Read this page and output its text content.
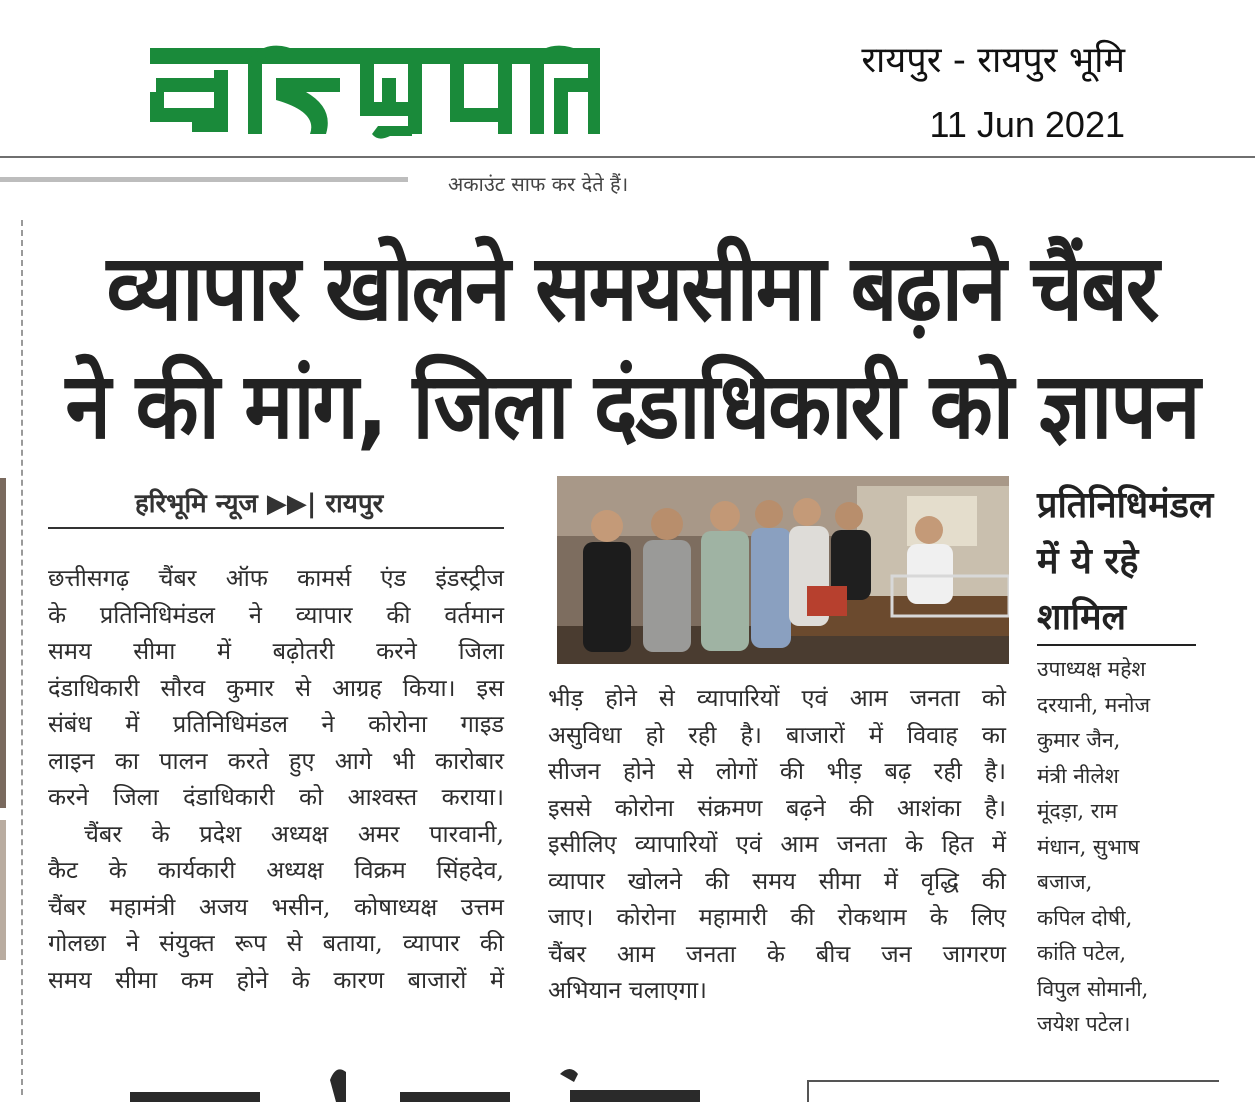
रायपुर - रायपुर भूमि
11 Jun 2021
अकाउंट साफ कर देते हैं।
व्यापार खोलने समयसीमा बढ़ाने चैंबर
ने की मांग, जिला दंडाधिकारी को ज्ञापन
हरिभूमि न्यूज ▶▶| रायपुर
छत्तीसगढ़ चैंबर ऑफ कामर्स एंड इंडस्ट्रीज
के प्रतिनिधिमंडल ने व्यापार की वर्तमान
समय सीमा में बढ़ोतरी करने जिला
दंडाधिकारी सौरव कुमार से आग्रह किया। इस
संबंध में प्रतिनिधिमंडल ने कोरोना गाइड
लाइन का पालन करते हुए आगे भी कारोबार
करने जिला दंडाधिकारी को आश्वस्त कराया।
चैंबर के प्रदेश अध्यक्ष अमर पारवानी,
कैट के कार्यकारी अध्यक्ष विक्रम सिंहदेव,
चैंबर महामंत्री अजय भसीन, कोषाध्यक्ष उत्तम
गोलछा ने संयुक्त रूप से बताया, व्यापार की
समय सीमा कम होने के कारण बाजारों में
भीड़ होने से व्यापारियों एवं आम जनता को
असुविधा हो रही है। बाजारों में विवाह का
सीजन होने से लोगों की भीड़ बढ़ रही है।
इससे कोरोना संक्रमण बढ़ने की आशंका है।
इसीलिए व्यापारियों एवं आम जनता के हित में
व्यापार खोलने की समय सीमा में वृद्धि की
जाए। कोरोना महामारी की रोकथाम के लिए
चैंबर आम जनता के बीच जन जागरण
अभियान चलाएगा।
प्रतिनिधिमंडल
में ये रहे
शामिल
उपाध्यक्ष महेश
दरयानी, मनोज
कुमार जैन,
मंत्री नीलेश
मूंदड़ा, राम
मंधान, सुभाष
बजाज,
कपिल दोषी,
कांति पटेल,
विपुल सोमानी,
जयेश पटेल।
